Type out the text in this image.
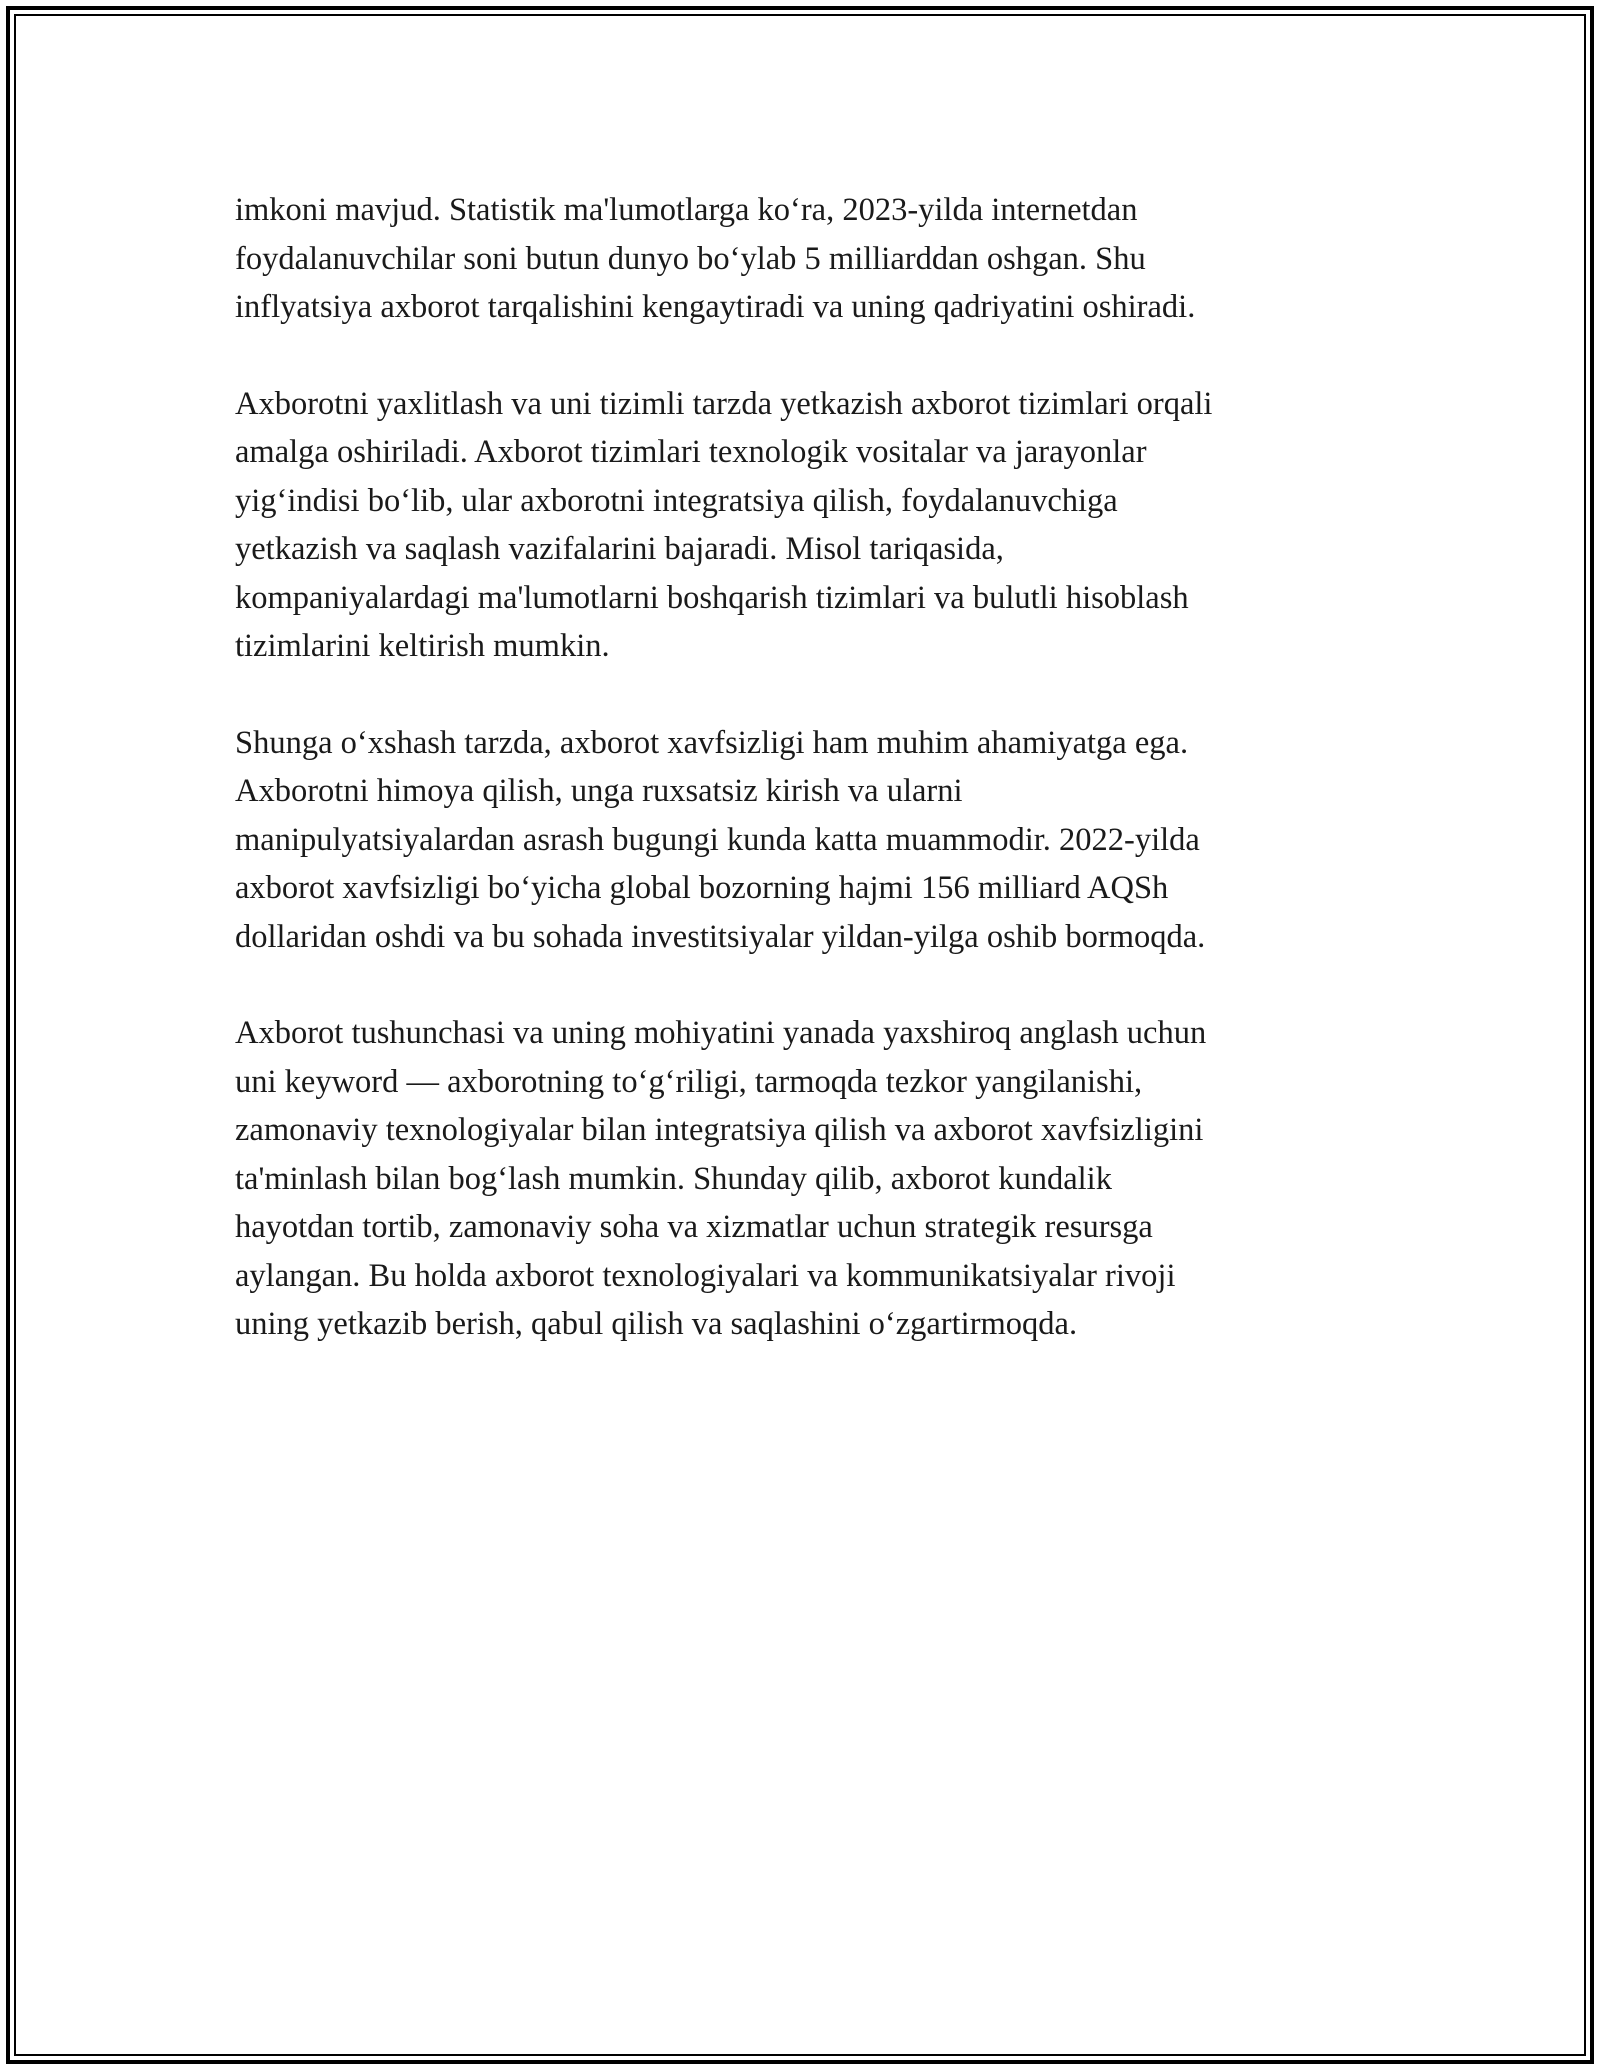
imkoni mavjud. Statistik ma'lumotlarga ko‘ra, 2023-yilda internetdan
foydalanuvchilar soni butun dunyo bo‘ylab 5 milliarddan oshgan. Shu
inflyatsiya axborot tarqalishini kengaytiradi va uning qadriyatini oshiradi.

Axborotni yaxlitlash va uni tizimli tarzda yetkazish axborot tizimlari orqali
amalga oshiriladi. Axborot tizimlari texnologik vositalar va jarayonlar
yig‘indisi bo‘lib, ular axborotni integratsiya qilish, foydalanuvchiga
yetkazish va saqlash vazifalarini bajaradi. Misol tariqasida,
kompaniyalardagi ma'lumotlarni boshqarish tizimlari va bulutli hisoblash
tizimlarini keltirish mumkin.

Shunga o‘xshash tarzda, axborot xavfsizligi ham muhim ahamiyatga ega.
Axborotni himoya qilish, unga ruxsatsiz kirish va ularni
manipulyatsiyalardan asrash bugungi kunda katta muammodir. 2022-yilda
axborot xavfsizligi bo‘yicha global bozorning hajmi 156 milliard AQSh
dollaridan oshdi va bu sohada investitsiyalar yildan-yilga oshib bormoqda.

Axborot tushunchasi va uning mohiyatini yanada yaxshiroq anglash uchun
uni keyword — axborotning to‘g‘riligi, tarmoqda tezkor yangilanishi,
zamonaviy texnologiyalar bilan integratsiya qilish va axborot xavfsizligini
ta'minlash bilan bog‘lash mumkin. Shunday qilib, axborot kundalik
hayotdan tortib, zamonaviy soha va xizmatlar uchun strategik resursga
aylangan. Bu holda axborot texnologiyalari va kommunikatsiyalar rivoji
uning yetkazib berish, qabul qilish va saqlashini o‘zgartirmoqda.
